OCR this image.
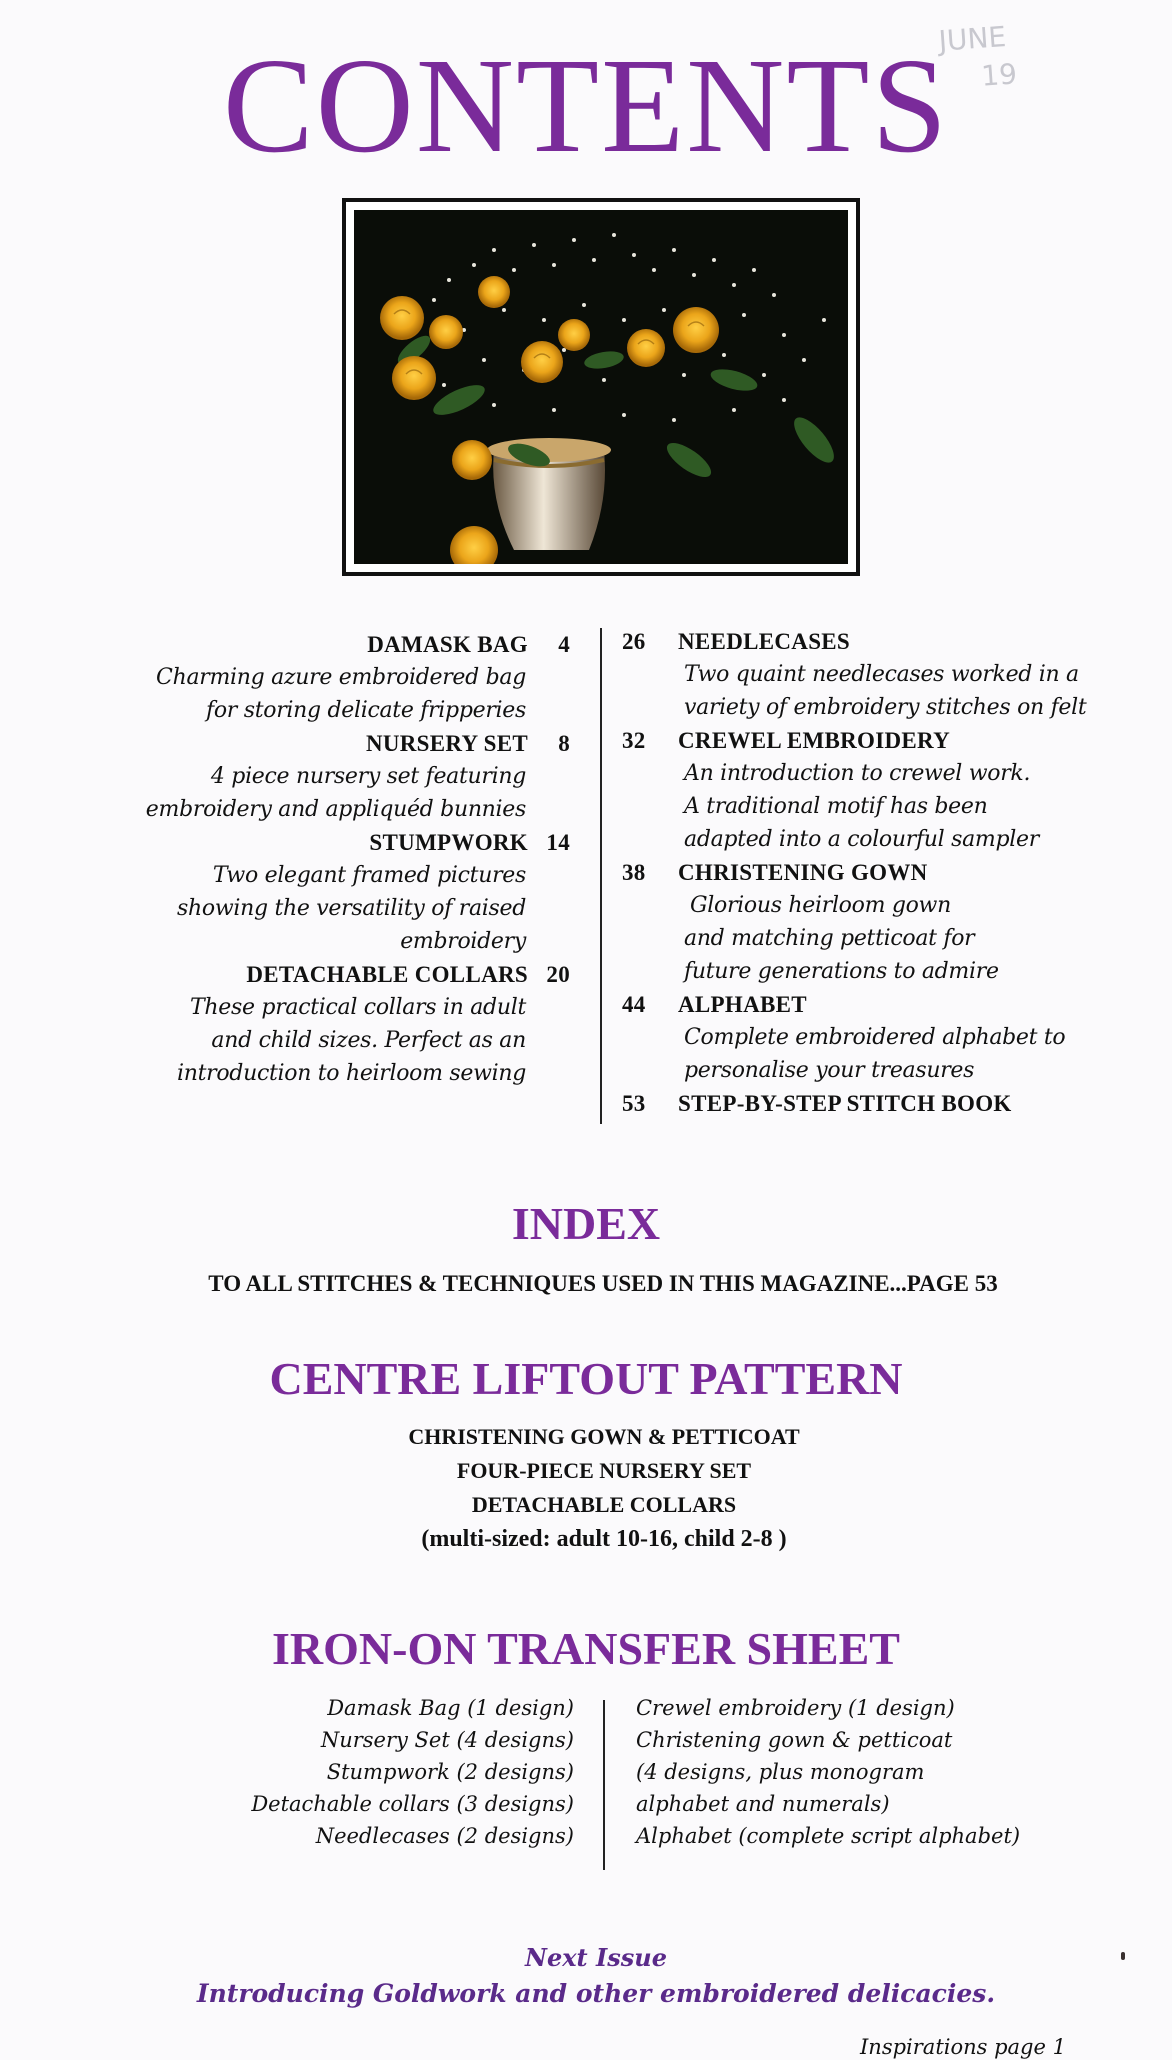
JUNE
19
CONTENTS
DAMASK BAG 4
Charming azure embroidered bag
for storing delicate fripperies
NURSERY SET 8
4 piece nursery set featuring
embroidery and appliquéd bunnies
STUMPWORK 14
Two elegant framed pictures
showing the versatility of raised
embroidery
DETACHABLE COLLARS 20
These practical collars in adult
and child sizes. Perfect as an
introduction to heirloom sewing
26 NEEDLECASES
Two quaint needlecases worked in a
variety of embroidery stitches on felt
32 CREWEL EMBROIDERY
An introduction to crewel work.
A traditional motif has been
adapted into a colourful sampler
38 CHRISTENING GOWN
Glorious heirloom gown
and matching petticoat for
future generations to admire
44 ALPHABET
Complete embroidered alphabet to
personalise your treasures
53 STEP-BY-STEP STITCH BOOK
INDEX
TO ALL STITCHES & TECHNIQUES USED IN THIS MAGAZINE...PAGE 53
CENTRE LIFTOUT PATTERN
CHRISTENING GOWN & PETTICOAT
FOUR-PIECE NURSERY SET
DETACHABLE COLLARS
(multi-sized: adult 10-16, child 2-8 )
IRON-ON TRANSFER SHEET
Damask Bag (1 design)
Nursery Set (4 designs)
Stumpwork (2 designs)
Detachable collars (3 designs)
Needlecases (2 designs)
Crewel embroidery (1 design)
Christening gown & petticoat
(4 designs, plus monogram
alphabet and numerals)
Alphabet (complete script alphabet)
Next Issue
Introducing Goldwork and other embroidered delicacies.
Inspirations page 1
